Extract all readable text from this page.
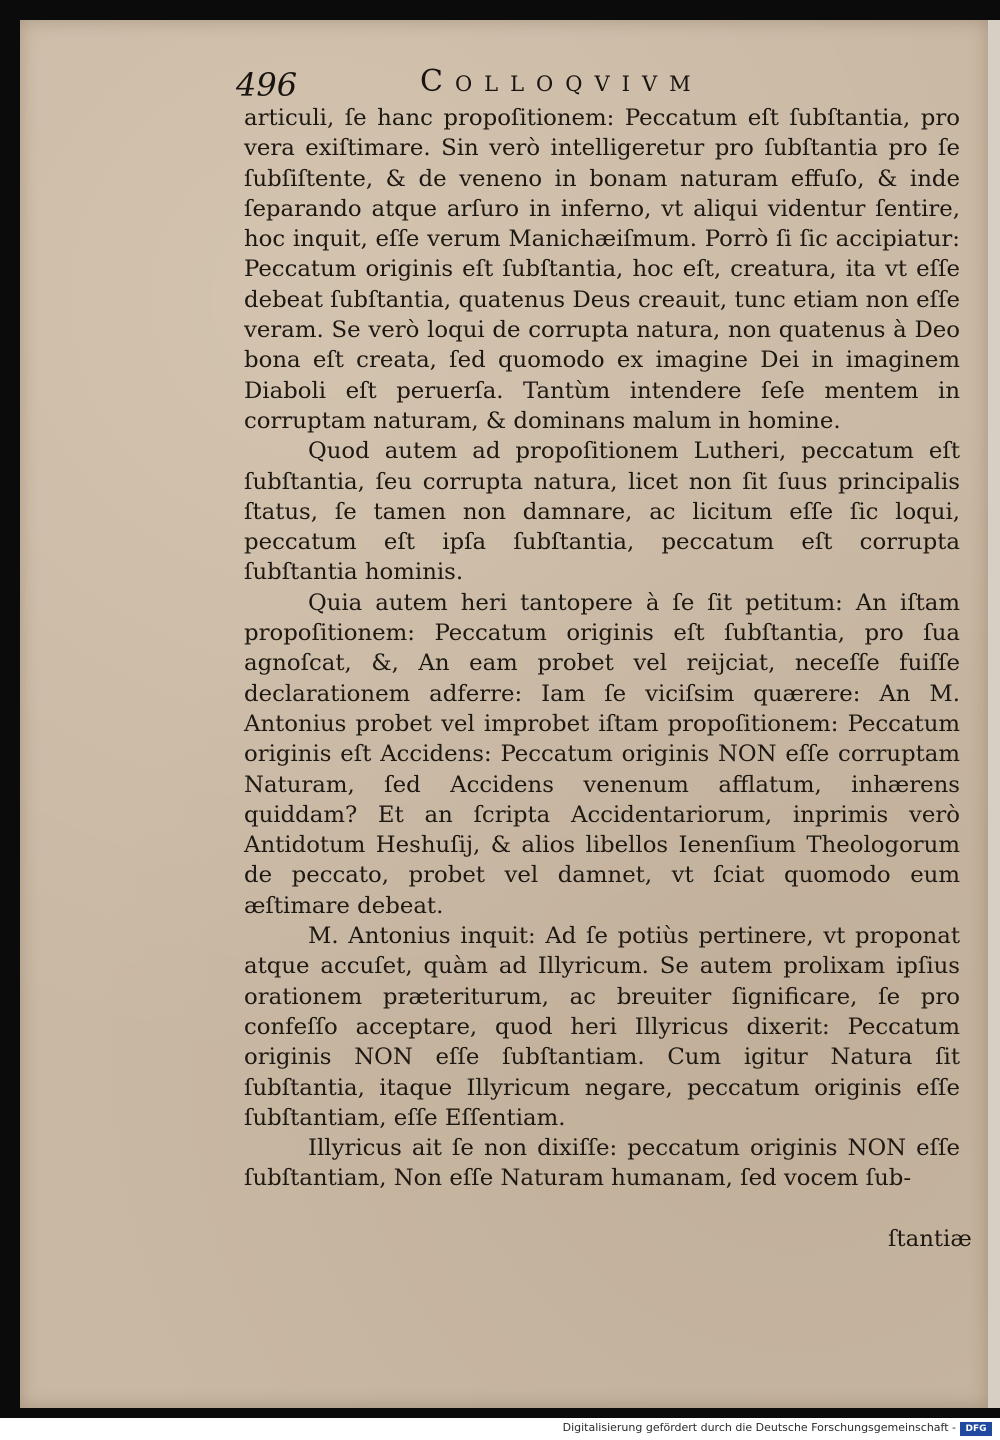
496	Colloqvivm

articuli, ſe hanc propoſitionem: Peccatum eſt ſubſtantia, pro vera exiſtimare. Sin verò intelligeretur pro ſubſtantia pro ſe ſubſiſtente, & de veneno in bonam naturam effuſo, & inde ſeparando atque arſuro in inferno, vt aliqui videntur ſentire, hoc inquit, eſſe verum Manichæiſmum. Porrò ſi ſic accipiatur: Peccatum originis eſt ſubſtantia, hoc eſt, creatura, ita vt eſſe debeat ſubſtantia, quatenus Deus creauit, tunc etiam non eſſe veram. Se verò loqui de corrupta natura, non quatenus à Deo bona eſt creata, ſed quomodo ex imagine Dei in imaginem Diaboli eſt peruerſa. Tantùm intendere ſeſe mentem in corruptam naturam, & dominans malum in homine.

Quod autem ad propoſitionem Lutheri, peccatum eſt ſubſtantia, ſeu corrupta natura, licet non ſit ſuus principalis ſtatus, ſe tamen non damnare, ac licitum eſſe ſic loqui, peccatum eſt ipſa ſubſtantia, peccatum eſt corrupta ſubſtantia hominis.

Quia autem heri tantopere à ſe ſit petitum: An iſtam propoſitionem: Peccatum originis eſt ſubſtantia, pro ſua agnoſcat, &, An eam probet vel reijciat, neceſſe fuiſſe declarationem adferre: Iam ſe viciſsim quærere: An M. Antonius probet vel improbet iſtam propoſitionem: Peccatum originis eſt Accidens: Peccatum originis NON eſſe corruptam Naturam, ſed Accidens venenum afflatum, inhærens quiddam? Et an ſcripta Accidentariorum, inprimis verò Antidotum Heshuſij, & alios libellos Ienenſium Theologorum de peccato, probet vel damnet, vt ſciat quomodo eum æſtimare debeat.

M. Antonius inquit: Ad ſe potiùs pertinere, vt proponat atque accuſet, quàm ad Illyricum. Se autem prolixam ipſius orationem præteriturum, ac breuiter ſignificare, ſe pro confeſſo acceptare, quod heri Illyricus dixerit: Peccatum originis NON eſſe ſubſtantiam. Cum igitur Natura ſit ſubſtantia, itaque Illyricum negare, peccatum originis eſſe ſubſtantiam, eſſe Eſſentiam.

Illyricus ait ſe non dixiſſe: peccatum originis NON eſſe ſubſtantiam, Non eſſe Naturam humanam, ſed vocem ſub-

ſtantiæ
Digitalisierung gefördert durch die Deutsche Forschungsgemeinschaft -	DFG
